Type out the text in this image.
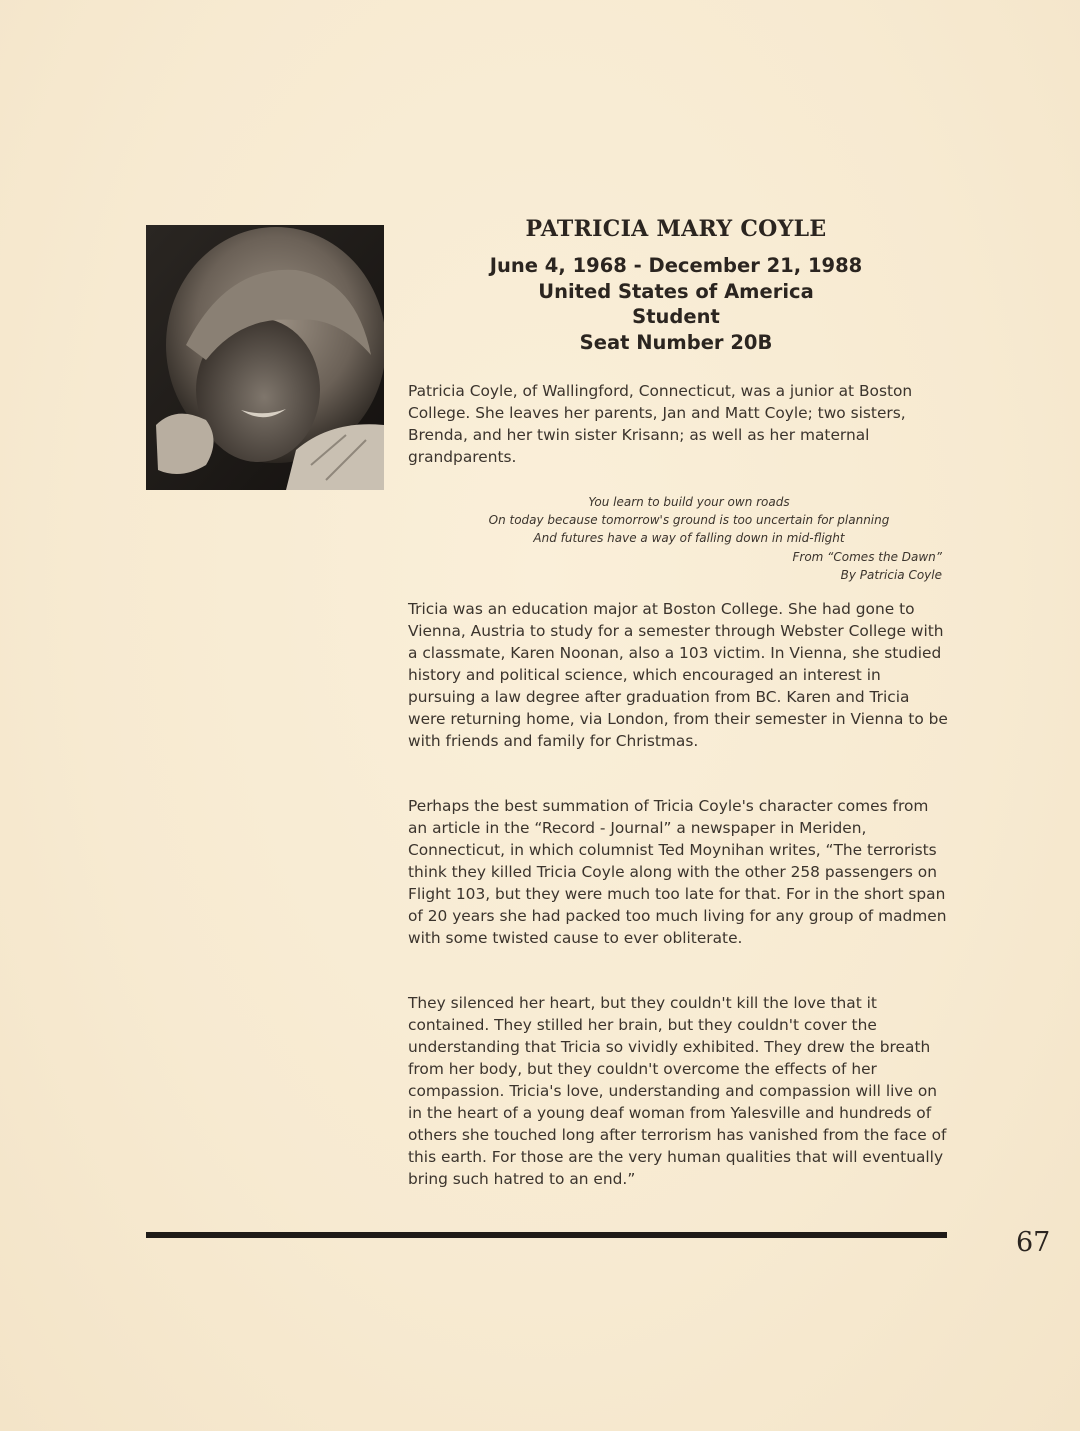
PATRICIA MARY COYLE
June 4, 1968 - December 21, 1988
United States of America
Student
Seat Number 20B

Patricia Coyle, of Wallingford, Connecticut, was a junior at Boston College. She leaves her parents, Jan and Matt Coyle; two sisters, Brenda, and her twin sister Krisann; as well as her maternal grandparents.

You learn to build your own roads
On today because tomorrow's ground is too uncertain for planning
And futures have a way of falling down in mid-flight
From “Comes the Dawn”
By Patricia Coyle

Tricia was an education major at Boston College. She had gone to Vienna, Austria to study for a semester through Webster College with a classmate, Karen Noonan, also a 103 victim. In Vienna, she studied history and political science, which encouraged an interest in pursuing a law degree after graduation from BC. Karen and Tricia were returning home, via London, from their semester in Vienna to be with friends and family for Christmas.

Perhaps the best summation of Tricia Coyle's character comes from an article in the “Record - Journal” a newspaper in Meriden, Connecticut, in which columnist Ted Moynihan writes, “The terrorists think they killed Tricia Coyle along with the other 258 passengers on Flight 103, but they were much too late for that. For in the short span of 20 years she had packed too much living for any group of madmen with some twisted cause to ever obliterate.

They silenced her heart, but they couldn't kill the love that it contained. They stilled her brain, but they couldn't cover the understanding that Tricia so vividly exhibited. They drew the breath from her body, but they couldn't overcome the effects of her compassion. Tricia's love, understanding and compassion will live on in the heart of a young deaf woman from Yalesville and hundreds of others she touched long after terrorism has vanished from the face of this earth. For those are the very human qualities that will eventually bring such hatred to an end.”

67
